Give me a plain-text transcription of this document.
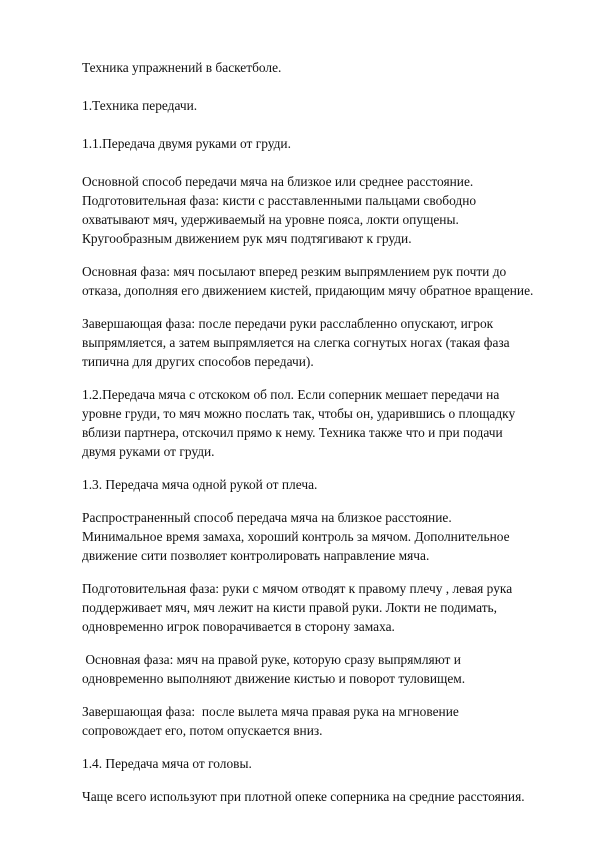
Техника упражнений в баскетболе.

1.Техника передачи.

1.1.Передача двумя руками от груди.

Основной способ передачи мяча на близкое или среднее расстояние.
Подготовительная фаза: кисти с расставленными пальцами свободно
охватывают мяч, удерживаемый на уровне пояса, локти опущены.
Кругообразным движением рук мяч подтягивают к груди.

Основная фаза: мяч посылают вперед резким выпрямлением рук почти до
отказа, дополняя его движением кистей, придающим мячу обратное вращение.

Завершающая фаза: после передачи руки расслабленно опускают, игрок
выпрямляется, а затем выпрямляется на слегка согнутых ногах (такая фаза
типична для других способов передачи).

1.2.Передача мяча с отскоком об пол. Если соперник мешает передачи на
уровне груди, то мяч можно послать так, чтобы он, ударившись о площадку
вблизи партнера, отскочил прямо к нему. Техника также что и при подачи
двумя руками от груди.

1.3. Передача мяча одной рукой от плеча.

Распространенный способ передача мяча на близкое расстояние.
Минимальное время замаха, хороший контроль за мячом. Дополнительное
движение сити позволяет контролировать направление мяча.

Подготовительная фаза: руки с мячом отводят к правому плечу , левая рука
поддерживает мяч, мяч лежит на кисти правой руки. Локти не подимать,
одновременно игрок поворачивается в сторону замаха.

Основная фаза: мяч на правой руке, которую сразу выпрямляют и
одновременно выполняют движение кистью и поворот туловищем.

Завершающая фаза:  после вылета мяча правая рука на мгновение
сопровождает его, потом опускается вниз.

1.4. Передача мяча от головы.

Чаще всего используют при плотной опеке соперника на средние расстояния.
